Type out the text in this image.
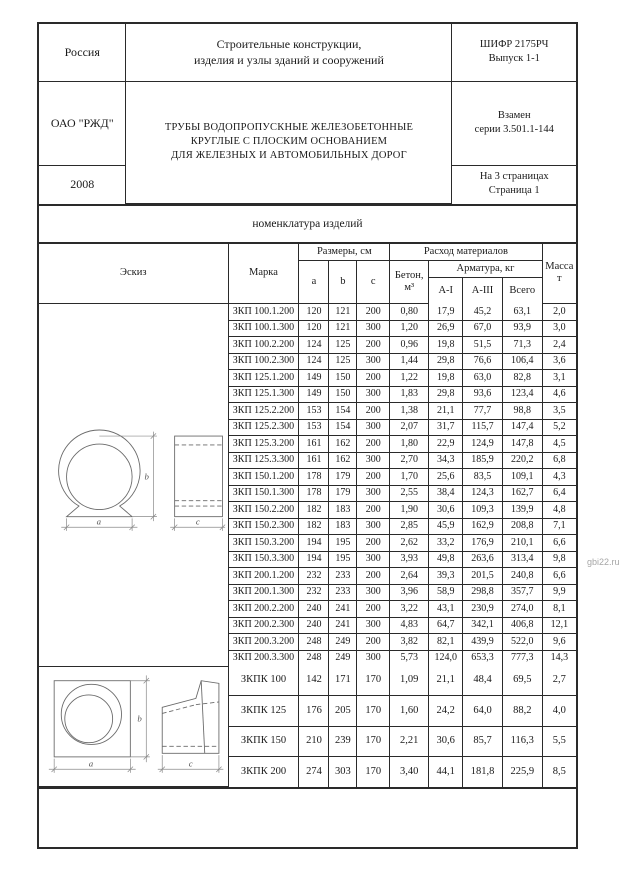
Россия

Строительные конструкции,
изделия и узлы зданий и сооружений

ШИФР 2175РЧ
Выпуск 1-1

ОАО "РЖД"	ТРУБЫ ВОДОПРОПУСКНЫЕ ЖЕЛЕЗОБЕТОННЫЕ
КРУГЛЫЕ С ПЛОСКИМ ОСНОВАНИЕМ
ДЛЯ ЖЕЛЕЗНЫХ И АВТОМОБИЛЬНЫХ ДОРОГ

Взамен
серии 3.501.1-144

2008		На 3 страницах
Страница 1
номенклатура изделий
Эскиз	Марка	Размеры, см			Расход материалов				Масса
т

		a	b	c	Бетон,
м³	Арматура, кг			
						А-I	А-III	Всего	

a
b
c	ЗКП 100.1.200	120	121	200	0,80	17,9	45,2	63,1	2,0
	ЗКП 100.1.300	120	121	300	1,20	26,9	67,0	93,9	3,0
	ЗКП 100.2.200	124	125	200	0,96	19,8	51,5	71,3	2,4
	ЗКП 100.2.300	124	125	300	1,44	29,8	76,6	106,4	3,6
	ЗКП 125.1.200	149	150	200	1,22	19,8	63,0	82,8	3,1
	ЗКП 125.1.300	149	150	300	1,83	29,8	93,6	123,4	4,6
	ЗКП 125.2.200	153	154	200	1,38	21,1	77,7	98,8	3,5
	ЗКП 125.2.300	153	154	300	2,07	31,7	115,7	147,4	5,2
	ЗКП 125.3.200	161	162	200	1,80	22,9	124,9	147,8	4,5
	ЗКП 125.3.300	161	162	300	2,70	34,3	185,9	220,2	6,8
	ЗКП 150.1.200	178	179	200	1,70	25,6	83,5	109,1	4,3
	ЗКП 150.1.300	178	179	300	2,55	38,4	124,3	162,7	6,4
	ЗКП 150.2.200	182	183	200	1,90	30,6	109,3	139,9	4,8
	ЗКП 150.2.300	182	183	300	2,85	45,9	162,9	208,8	7,1
	ЗКП 150.3.200	194	195	200	2,62	33,2	176,9	210,1	6,6
	ЗКП 150.3.300	194	195	300	3,93	49,8	263,6	313,4	9,8
	ЗКП 200.1.200	232	233	200	2,64	39,3	201,5	240,8	6,6
	ЗКП 200.1.300	232	233	300	3,96	58,9	298,8	357,7	9,9
	ЗКП 200.2.200	240	241	200	3,22	43,1	230,9	274,0	8,1
	ЗКП 200.2.300	240	241	300	4,83	64,7	342,1	406,8	12,1
	ЗКП 200.3.200	248	249	200	3,82	82,1	439,9	522,0	9,6
	ЗКП 200.3.300	248	249	300	5,73	124,0	653,3	777,3	14,3

a
b
c	ЗКПК 100	142	171	170	1,09	21,1	48,4	69,5	2,7
	ЗКПК 125	176	205	170	1,60	24,2	64,0	88,2	4,0
	ЗКПК 150	210	239	170	2,21	30,6	85,7	116,3	5,5
	ЗКПК 200	274	303	170	3,40	44,1	181,8	225,9	8,5
gbi22.ru
